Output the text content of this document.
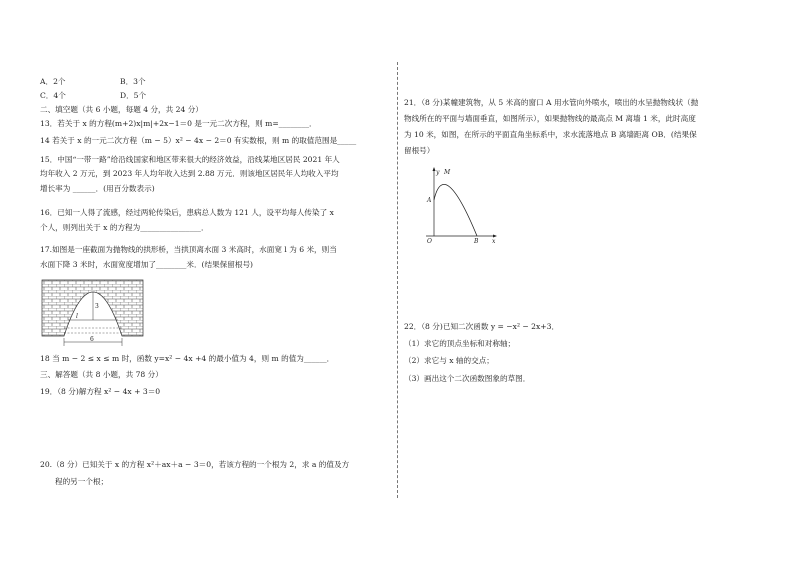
A．2个	B．3个
C．4个	D．5个
二、填空题（共 6 小题，每题 4 分，共 24 分）
13．若关于 x 的方程(m+2)x|m|+2x−1＝0 是一元二次方程，则 m=________．
14 若关于 x 的一元二次方程（m − 5）x² − 4x − 2＝0 有实数根，则 m 的取值范围是_____
15．中国“一带一路”给沿线国家和地区带来很大的经济效益，沿线某地区居民 2021 年人
均年收入 2 万元，到 2023 年人均年收入达到 2.88 万元．则该地区居民年人均收入平均
增长率为 ______．(用百分数表示)
16．已知一人得了流感，经过两轮传染后，患病总人数为 121 人，设平均每人传染了 x
个人，则列出关于 x 的方程为________________．
17.如图是一座截面为抛物线的拱形桥，当拱顶离水面 3 米高时，水面宽 l 为 6 米，则当
水面下降 3 米时，水面宽度增加了________米．(结果保留根号)
3
l
6
18 当 m − 2 ≤ x ≤ m 时，函数 y=x² − 4x +4 的最小值为 4，则 m 的值为______．
三、解答题（共 8 小题，共 78 分）
19．（8 分)解方程 x² − 4x + 3＝0
20.（8 分）已知关于 x 的方程 x²＋ax＋a − 3＝0，若该方程的一个根为 2，求 a 的值及方
程的另一个根；
21．（8 分)某幢建筑物，从 5 米高的窗口 A 用水管向外喷水，喷出的水呈抛物线状（抛
物线所在的平面与墙面垂直，如图所示），如果抛物线的最高点 M 离墙 1 米，此时高度
为 10 米，如图，在所示的平面直角坐标系中，求水流落地点 B 离墙距离 OB．(结果保
留根号）
y
x
M
A
O	B
22．（8 分)已知二次函数 y = −x² − 2x+3．
（1）求它的顶点坐标和对称轴；
（2）求它与 x 轴的交点；
（3）画出这个二次函数图象的草图．
